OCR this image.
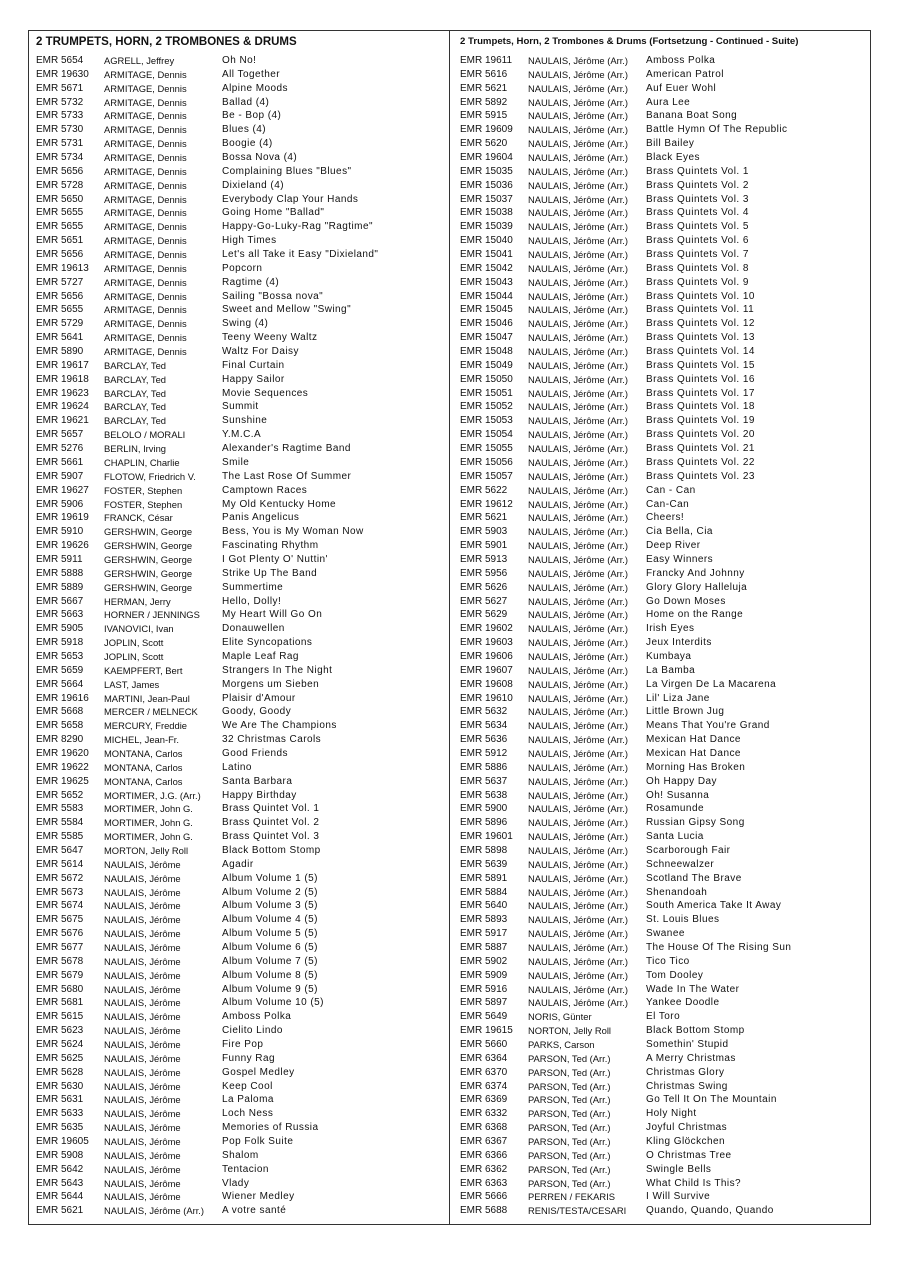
2 TRUMPETS, HORN, 2 TROMBONES & DRUMS
EMR 5654	AGRELL, Jeffrey	Oh No!
EMR 19630	ARMITAGE, Dennis	All Together
EMR 5671	ARMITAGE, Dennis	Alpine Moods
EMR 5732	ARMITAGE, Dennis	Ballad (4)
EMR 5733	ARMITAGE, Dennis	Be - Bop (4)
EMR 5730	ARMITAGE, Dennis	Blues (4)
EMR 5731	ARMITAGE, Dennis	Boogie (4)
EMR 5734	ARMITAGE, Dennis	Bossa Nova (4)
EMR 5656	ARMITAGE, Dennis	Complaining Blues "Blues"
EMR 5728	ARMITAGE, Dennis	Dixieland (4)
EMR 5650	ARMITAGE, Dennis	Everybody Clap Your Hands
EMR 5655	ARMITAGE, Dennis	Going Home "Ballad"
EMR 5655	ARMITAGE, Dennis	Happy-Go-Luky-Rag "Ragtime"
EMR 5651	ARMITAGE, Dennis	High Times
EMR 5656	ARMITAGE, Dennis	Let's all Take it Easy "Dixieland"
EMR 19613	ARMITAGE, Dennis	Popcorn
EMR 5727	ARMITAGE, Dennis	Ragtime (4)
EMR 5656	ARMITAGE, Dennis	Sailing "Bossa nova"
EMR 5655	ARMITAGE, Dennis	Sweet and Mellow "Swing"
EMR 5729	ARMITAGE, Dennis	Swing (4)
EMR 5641	ARMITAGE, Dennis	Teeny Weeny Waltz
EMR 5890	ARMITAGE, Dennis	Waltz For Daisy
EMR 19617	BARCLAY, Ted	Final Curtain
EMR 19618	BARCLAY, Ted	Happy Sailor
EMR 19623	BARCLAY, Ted	Movie Sequences
EMR 19624	BARCLAY, Ted	Summit
EMR 19621	BARCLAY, Ted	Sunshine
EMR 5657	BELOLO / MORALI	Y.M.C.A
EMR 5276	BERLIN, Irving	Alexander's Ragtime Band
EMR 5661	CHAPLIN, Charlie	Smile
EMR 5907	FLOTOW, Friedrich V.	The Last Rose Of Summer
EMR 19627	FOSTER, Stephen	Camptown Races
EMR 5906	FOSTER, Stephen	My Old Kentucky Home
EMR 19619	FRANCK, César	Panis Angelicus
EMR 5910	GERSHWIN, George	Bess, You is My Woman Now
EMR 19626	GERSHWIN, George	Fascinating Rhythm
EMR 5911	GERSHWIN, George	I Got Plenty O' Nuttin'
EMR 5888	GERSHWIN, George	Strike Up The Band
EMR 5889	GERSHWIN, George	Summertime
EMR 5667	HERMAN, Jerry	Hello, Dolly!
EMR 5663	HORNER / JENNINGS	My Heart Will Go On
EMR 5905	IVANOVICI, Ivan	Donauwellen
EMR 5918	JOPLIN, Scott	Elite Syncopations
EMR 5653	JOPLIN, Scott	Maple Leaf Rag
EMR 5659	KAEMPFERT, Bert	Strangers In The Night
EMR 5664	LAST, James	Morgens um Sieben
EMR 19616	MARTINI, Jean-Paul	Plaisir d'Amour
EMR 5668	MERCER / MELNECK	Goody, Goody
EMR 5658	MERCURY, Freddie	We Are The Champions
EMR 8290	MICHEL, Jean-Fr.	32 Christmas Carols
EMR 19620	MONTANA, Carlos	Good Friends
EMR 19622	MONTANA, Carlos	Latino
EMR 19625	MONTANA, Carlos	Santa Barbara
EMR 5652	MORTIMER, J.G. (Arr.)	Happy Birthday
EMR 5583	MORTIMER, John G.	Brass Quintet Vol. 1
EMR 5584	MORTIMER, John G.	Brass Quintet Vol. 2
EMR 5585	MORTIMER, John G.	Brass Quintet Vol. 3
EMR 5647	MORTON, Jelly Roll	Black Bottom Stomp
EMR 5614	NAULAIS, Jérôme	Agadir
EMR 5672	NAULAIS, Jérôme	Album Volume 1 (5)
EMR 5673	NAULAIS, Jérôme	Album Volume 2 (5)
EMR 5674	NAULAIS, Jérôme	Album Volume 3 (5)
EMR 5675	NAULAIS, Jérôme	Album Volume 4 (5)
EMR 5676	NAULAIS, Jérôme	Album Volume 5 (5)
EMR 5677	NAULAIS, Jérôme	Album Volume 6 (5)
EMR 5678	NAULAIS, Jérôme	Album Volume 7 (5)
EMR 5679	NAULAIS, Jérôme	Album Volume 8 (5)
EMR 5680	NAULAIS, Jérôme	Album Volume 9 (5)
EMR 5681	NAULAIS, Jérôme	Album Volume 10 (5)
EMR 5615	NAULAIS, Jérôme	Amboss Polka
EMR 5623	NAULAIS, Jérôme	Cielito Lindo
EMR 5624	NAULAIS, Jérôme	Fire Pop
EMR 5625	NAULAIS, Jérôme	Funny Rag
EMR 5628	NAULAIS, Jérôme	Gospel Medley
EMR 5630	NAULAIS, Jérôme	Keep Cool
EMR 5631	NAULAIS, Jérôme	La Paloma
EMR 5633	NAULAIS, Jérôme	Loch Ness
EMR 5635	NAULAIS, Jérôme	Memories of Russia
EMR 19605	NAULAIS, Jérôme	Pop Folk Suite
EMR 5908	NAULAIS, Jérôme	Shalom
EMR 5642	NAULAIS, Jérôme	Tentacion
EMR 5643	NAULAIS, Jérôme	Vlady
EMR 5644	NAULAIS, Jérôme	Wiener Medley
EMR 5621	NAULAIS, Jérôme (Arr.)	A votre santé
2 Trumpets, Horn, 2 Trombones & Drums (Fortsetzung - Continued - Suite)
EMR 19611	NAULAIS, Jérôme (Arr.)	Amboss Polka
EMR 5616	NAULAIS, Jérôme (Arr.)	American Patrol
EMR 5621	NAULAIS, Jérôme (Arr.)	Auf Euer Wohl
EMR 5892	NAULAIS, Jérôme (Arr.)	Aura Lee
EMR 5915	NAULAIS, Jérôme (Arr.)	Banana Boat Song
EMR 19609	NAULAIS, Jérôme (Arr.)	Battle Hymn Of The Republic
EMR 5620	NAULAIS, Jérôme (Arr.)	Bill Bailey
EMR 19604	NAULAIS, Jérôme (Arr.)	Black Eyes
EMR 15035	NAULAIS, Jérôme (Arr.)	Brass Quintets Vol. 1
EMR 15036	NAULAIS, Jérôme (Arr.)	Brass Quintets Vol. 2
EMR 15037	NAULAIS, Jérôme (Arr.)	Brass Quintets Vol. 3
EMR 15038	NAULAIS, Jérôme (Arr.)	Brass Quintets Vol. 4
EMR 15039	NAULAIS, Jérôme (Arr.)	Brass Quintets Vol. 5
EMR 15040	NAULAIS, Jérôme (Arr.)	Brass Quintets Vol. 6
EMR 15041	NAULAIS, Jérôme (Arr.)	Brass Quintets Vol. 7
EMR 15042	NAULAIS, Jérôme (Arr.)	Brass Quintets Vol. 8
EMR 15043	NAULAIS, Jérôme (Arr.)	Brass Quintets Vol. 9
EMR 15044	NAULAIS, Jérôme (Arr.)	Brass Quintets Vol. 10
EMR 15045	NAULAIS, Jérôme (Arr.)	Brass Quintets Vol. 11
EMR 15046	NAULAIS, Jérôme (Arr.)	Brass Quintets Vol. 12
EMR 15047	NAULAIS, Jérôme (Arr.)	Brass Quintets Vol. 13
EMR 15048	NAULAIS, Jérôme (Arr.)	Brass Quintets Vol. 14
EMR 15049	NAULAIS, Jérôme (Arr.)	Brass Quintets Vol. 15
EMR 15050	NAULAIS, Jérôme (Arr.)	Brass Quintets Vol. 16
EMR 15051	NAULAIS, Jérôme (Arr.)	Brass Quintets Vol. 17
EMR 15052	NAULAIS, Jérôme (Arr.)	Brass Quintets Vol. 18
EMR 15053	NAULAIS, Jérôme (Arr.)	Brass Quintets Vol. 19
EMR 15054	NAULAIS, Jérôme (Arr.)	Brass Quintets Vol. 20
EMR 15055	NAULAIS, Jérôme (Arr.)	Brass Quintets Vol. 21
EMR 15056	NAULAIS, Jérôme (Arr.)	Brass Quintets Vol. 22
EMR 15057	NAULAIS, Jérôme (Arr.)	Brass Quintets Vol. 23
EMR 5622	NAULAIS, Jérôme (Arr.)	Can - Can
EMR 19612	NAULAIS, Jérôme (Arr.)	Can-Can
EMR 5621	NAULAIS, Jérôme (Arr.)	Cheers!
EMR 5903	NAULAIS, Jérôme (Arr.)	Cia Bella, Cia
EMR 5901	NAULAIS, Jérôme (Arr.)	Deep River
EMR 5913	NAULAIS, Jérôme (Arr.)	Easy Winners
EMR 5956	NAULAIS, Jérôme (Arr.)	Francky And Johnny
EMR 5626	NAULAIS, Jérôme (Arr.)	Glory Glory Halleluja
EMR 5627	NAULAIS, Jérôme (Arr.)	Go Down Moses
EMR 5629	NAULAIS, Jérôme (Arr.)	Home on the Range
EMR 19602	NAULAIS, Jérôme (Arr.)	Irish Eyes
EMR 19603	NAULAIS, Jérôme (Arr.)	Jeux Interdits
EMR 19606	NAULAIS, Jérôme (Arr.)	Kumbaya
EMR 19607	NAULAIS, Jérôme (Arr.)	La Bamba
EMR 19608	NAULAIS, Jérôme (Arr.)	La Virgen De La Macarena
EMR 19610	NAULAIS, Jérôme (Arr.)	Lil' Liza Jane
EMR 5632	NAULAIS, Jérôme (Arr.)	Little Brown Jug
EMR 5634	NAULAIS, Jérôme (Arr.)	Means That You're Grand
EMR 5636	NAULAIS, Jérôme (Arr.)	Mexican Hat Dance
EMR 5912	NAULAIS, Jérôme (Arr.)	Mexican Hat Dance
EMR 5886	NAULAIS, Jérôme (Arr.)	Morning Has Broken
EMR 5637	NAULAIS, Jérôme (Arr.)	Oh Happy Day
EMR 5638	NAULAIS, Jérôme (Arr.)	Oh! Susanna
EMR 5900	NAULAIS, Jérôme (Arr.)	Rosamunde
EMR 5896	NAULAIS, Jérôme (Arr.)	Russian Gipsy Song
EMR 19601	NAULAIS, Jérôme (Arr.)	Santa Lucia
EMR 5898	NAULAIS, Jérôme (Arr.)	Scarborough Fair
EMR 5639	NAULAIS, Jérôme (Arr.)	Schneewalzer
EMR 5891	NAULAIS, Jérôme (Arr.)	Scotland The Brave
EMR 5884	NAULAIS, Jérôme (Arr.)	Shenandoah
EMR 5640	NAULAIS, Jérôme (Arr.)	South America Take It Away
EMR 5893	NAULAIS, Jérôme (Arr.)	St. Louis Blues
EMR 5917	NAULAIS, Jérôme (Arr.)	Swanee
EMR 5887	NAULAIS, Jérôme (Arr.)	The House Of The Rising Sun
EMR 5902	NAULAIS, Jérôme (Arr.)	Tico Tico
EMR 5909	NAULAIS, Jérôme (Arr.)	Tom Dooley
EMR 5916	NAULAIS, Jérôme (Arr.)	Wade In The Water
EMR 5897	NAULAIS, Jérôme (Arr.)	Yankee Doodle
EMR 5649	NORIS, Günter	El Toro
EMR 19615	NORTON, Jelly Roll	Black Bottom Stomp
EMR 5660	PARKS, Carson	Somethin' Stupid
EMR 6364	PARSON, Ted (Arr.)	A Merry Christmas
EMR 6370	PARSON, Ted (Arr.)	Christmas Glory
EMR 6374	PARSON, Ted (Arr.)	Christmas Swing
EMR 6369	PARSON, Ted (Arr.)	Go Tell It On The Mountain
EMR 6332	PARSON, Ted (Arr.)	Holy Night
EMR 6368	PARSON, Ted (Arr.)	Joyful Christmas
EMR 6367	PARSON, Ted (Arr.)	Kling Glöckchen
EMR 6366	PARSON, Ted (Arr.)	O Christmas Tree
EMR 6362	PARSON, Ted (Arr.)	Swingle Bells
EMR 6363	PARSON, Ted (Arr.)	What Child Is This?
EMR 5666	PERREN / FEKARIS	I Will Survive
EMR 5688	RENIS/TESTA/CESARI	Quando, Quando, Quando
